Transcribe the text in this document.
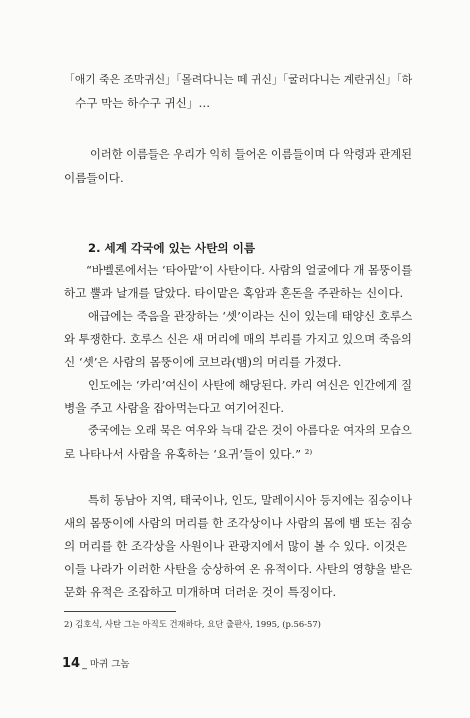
「애기 죽은 조막귀신」「몰려다니는 떼 귀신」「굴러다니는 계란귀신」「하
수구 막는 하수구 귀신」…
이러한 이름들은 우리가 익히 들어온 이름들이며 다 악령과 관계된
이름들이다.
2. 세계 각국에 있는 사탄의 이름
“바벨론에서는 ‘타아맡’이 사탄이다. 사람의 얼굴에다 개 몸뚱이를
하고 뿔과 날개를 달았다. 타이맡은 혹암과 혼돈을 주관하는 신이다.
애급에는 죽음을 관장하는 ‘셋’이라는 신이 있는데 태양신 호루스
와 투쟁한다. 호루스 신은 새 머리에 매의 부리를 가지고 있으며 죽음의
신 ‘셋’은 사람의 몸뚱이에 코브라(뱀)의 머리를 가졌다.
인도에는 ‘카리’여신이 사탄에 해당된다. 카리 여신은 인간에게 질
병을 주고 사람을 잡아먹는다고 여기어진다.
중국에는 오래 묵은 여우와 늑대 같은 것이 아름다운 여자의 모습으
로 나타나서 사람을 유혹하는 ‘요귀’들이 있다.” ²⁾
특히 동남아 지역, 태국이나, 인도, 말레이시아 등지에는 짐승이나
새의 몸뚱이에 사람의 머리를 한 조각상이나 사람의 몸에 뱀 또는 짐승
의 머리를 한 조각상을 사원이나 관광지에서 많이 볼 수 있다. 이것은
이들 나라가 이러한 사탄을 숭상하여 온 유적이다. 사탄의 영향을 받은
문화 유적은 조잡하고 미개하며 더러운 것이 특징이다.
2) 김호식, 사탄 그는 아직도 건재하다, 요단 출판사, 1995, (p.56-57)
14 _ 마귀 그놈
